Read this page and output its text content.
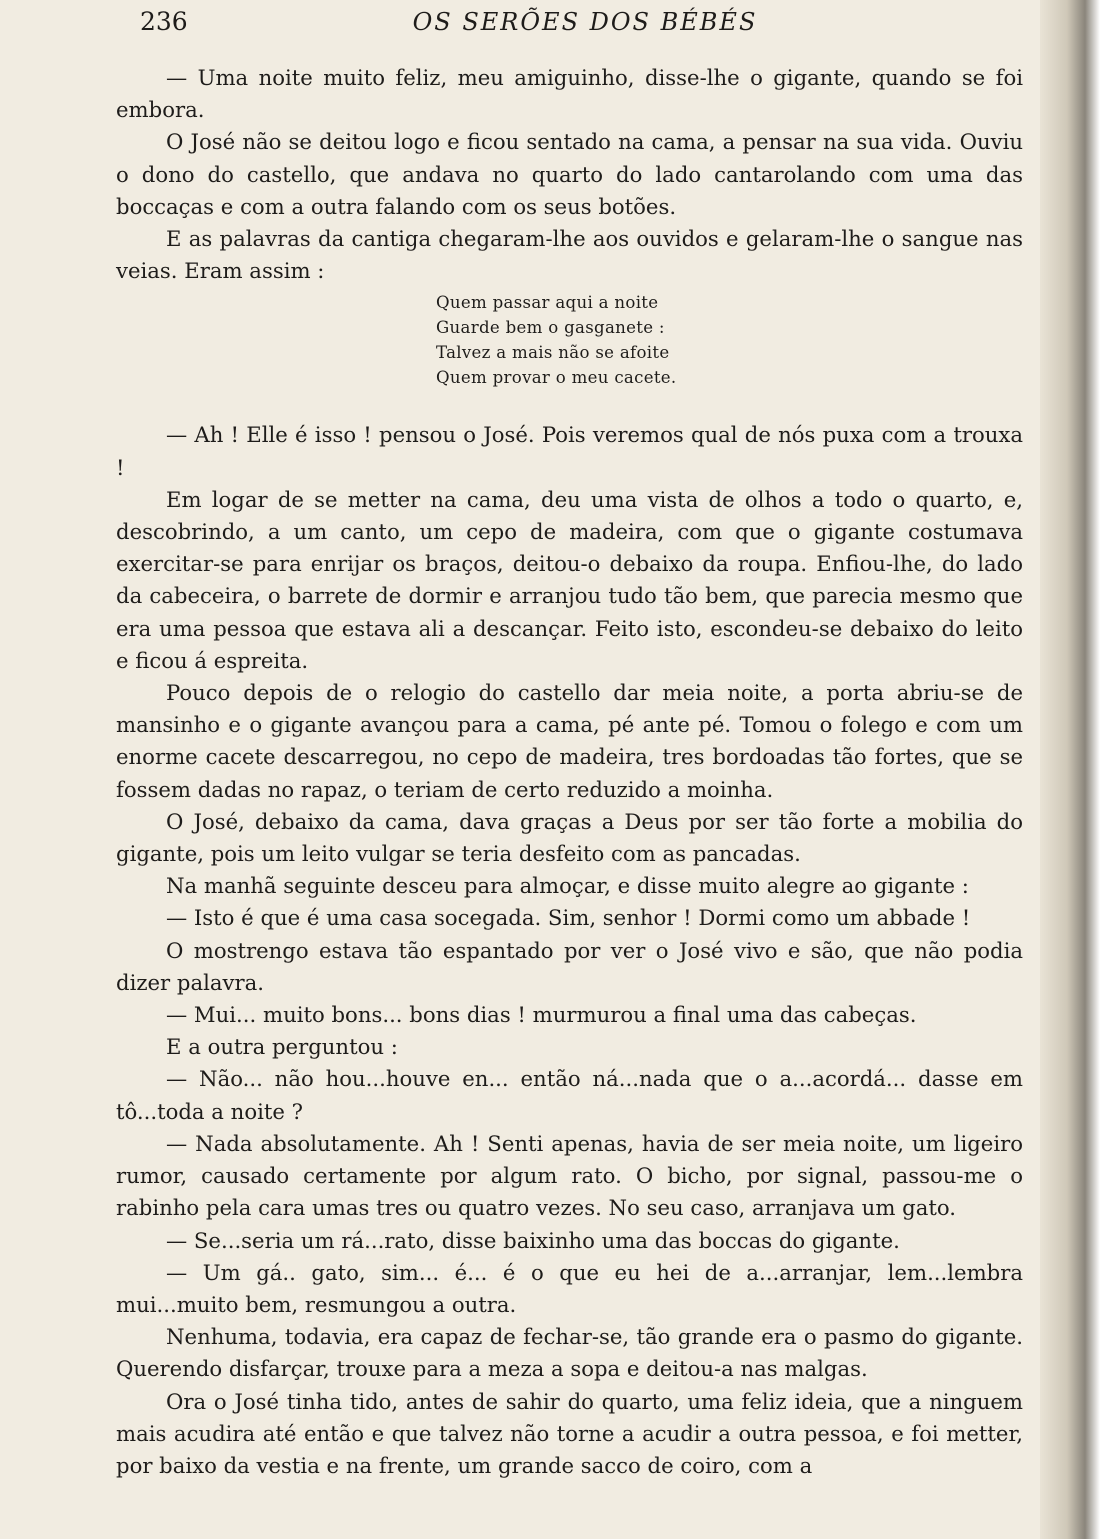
236	OS SERÕES DOS BÉBÉS

— Uma noite muito feliz, meu amiguinho, disse-lhe o gigante, quando se foi embora.

O José não se deitou logo e ficou sentado na cama, a pensar na sua vida. Ouviu o dono do castello, que andava no quarto do lado cantarolando com uma das boccaças e com a outra falando com os seus botões.

E as palavras da cantiga chegaram-lhe aos ouvidos e gelaram-lhe o sangue nas veias. Eram assim :

Quem passar aqui a noite
Guarde bem o gasganete :
Talvez a mais não se afoite
Quem provar o meu cacete.

— Ah ! Elle é isso ! pensou o José. Pois veremos qual de nós puxa com a trouxa !

Em logar de se metter na cama, deu uma vista de olhos a todo o quarto, e, descobrindo, a um canto, um cepo de madeira, com que o gigante costumava exercitar-se para enrijar os braços, deitou-o debaixo da roupa. Enfiou-lhe, do lado da cabeceira, o barrete de dormir e arranjou tudo tão bem, que parecia mesmo que era uma pessoa que estava ali a descançar. Feito isto, escondeu-se debaixo do leito e ficou á espreita.

Pouco depois de o relogio do castello dar meia noite, a porta abriu-se de mansinho e o gigante avançou para a cama, pé ante pé. Tomou o folego e com um enorme cacete descarregou, no cepo de madeira, tres bordoadas tão fortes, que se fossem dadas no rapaz, o teriam de certo reduzido a moinha.

O José, debaixo da cama, dava graças a Deus por ser tão forte a mobilia do gigante, pois um leito vulgar se teria desfeito com as pancadas.

Na manhã seguinte desceu para almoçar, e disse muito alegre ao gigante :

— Isto é que é uma casa socegada. Sim, senhor ! Dormi como um abbade !

O mostrengo estava tão espantado por ver o José vivo e são, que não podia dizer palavra.

— Mui... muito bons... bons dias ! murmurou a final uma das cabeças.

E a outra perguntou :

— Não... não hou...houve en... então ná...nada que o a...acordá... dasse em tô...toda a noite ?

— Nada absolutamente. Ah ! Senti apenas, havia de ser meia noite, um ligeiro rumor, causado certamente por algum rato. O bicho, por signal, passou-me o rabinho pela cara umas tres ou quatro vezes. No seu caso, arranjava um gato.

— Se...seria um rá...rato, disse baixinho uma das boccas do gigante.

— Um gá.. gato, sim... é... é o que eu hei de a...arranjar, lem...lembra mui...muito bem, resmungou a outra.

Nenhuma, todavia, era capaz de fechar-se, tão grande era o pasmo do gigante. Querendo disfarçar, trouxe para a meza a sopa e deitou-a nas malgas.

Ora o José tinha tido, antes de sahir do quarto, uma feliz ideia, que a ninguem mais acudira até então e que talvez não torne a acudir a outra pessoa, e foi metter, por baixo da vestia e na frente, um grande sacco de coiro, com a
